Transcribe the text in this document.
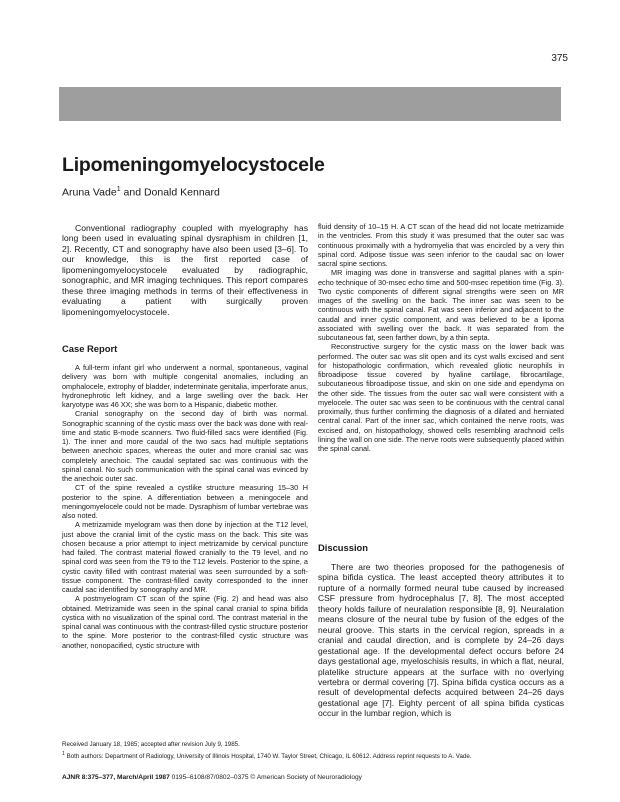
375
Lipomeningomyelocystocele
Aruna Vade$^1$ and Donald Kennard

Conventional radiography coupled with myelography has long been used in evaluating spinal dysraphism in children [1, 2]. Recently, CT and sonography have also been used [3–6]. To our knowledge, this is the first reported case of lipomeningomyelocystocele evaluated by radiographic, sonographic, and MR imaging techniques. This report compares these three imaging methods in terms of their effectiveness in evaluating a patient with surgically proven lipomeningomyelocystocele.

Case Report

A full-term infant girl who underwent a normal, spontaneous, vaginal delivery was born with multiple congenital anomalies, including an omphalocele, extrophy of bladder, indeterminate genitalia, imperforate anus, hydronephrotic left kidney, and a large swelling over the back. Her karyotype was 46 XX; she was born to a Hispanic, diabetic mother.

Cranial sonography on the second day of birth was normal. Sonographic scanning of the cystic mass over the back was done with real-time and static B-mode scanners. Two fluid-filled sacs were identified (Fig. 1). The inner and more caudal of the two sacs had multiple septations between anechoic spaces, whereas the outer and more cranial sac was completely anechoic. The caudal septated sac was continuous with the spinal canal. No such communication with the spinal canal was evinced by the anechoic outer sac.

CT of the spine revealed a cystlike structure measuring 15–30 H posterior to the spine. A differentiation between a meningocele and meningomyelocele could not be made. Dysraphism of lumbar vertebrae was also noted.

A metrizamide myelogram was then done by injection at the T12 level, just above the cranial limit of the cystic mass on the back. This site was chosen because a prior attempt to inject metrizamide by cervical puncture had failed. The contrast material flowed cranially to the T9 level, and no spinal cord was seen from the T9 to the T12 levels. Posterior to the spine, a cystic cavity filled with contrast material was seen surrounded by a soft-tissue component. The contrast-filled cavity corresponded to the inner caudal sac identified by sonography and MR.

A postmyelogram CT scan of the spine (Fig. 2) and head was also obtained. Metrizamide was seen in the spinal canal cranial to spina bifida cystica with no visualization of the spinal cord. The contrast material in the spinal canal was continuous with the contrast-filled cystic structure posterior to the spine. More posterior to the contrast-filled cystic structure was another, nonopacified, cystic structure with

fluid density of 10–15 H. A CT scan of the head did not locate metrizamide in the ventricles. From this study it was presumed that the outer sac was continuous proximally with a hydromyelia that was encircled by a very thin spinal cord. Adipose tissue was seen inferior to the caudal sac on lower sacral spine sections.

MR imaging was done in transverse and sagittal planes with a spin-echo technique of 30-msec echo time and 500-msec repetition time (Fig. 3). Two cystic components of different signal strengths were seen on MR images of the swelling on the back. The inner sac was seen to be continuous with the spinal canal. Fat was seen inferior and adjacent to the caudal and inner cystic component, and was believed to be a lipoma associated with swelling over the back. It was separated from the subcutaneous fat, seen farther down, by a thin septa.

Reconstructive surgery for the cystic mass on the lower back was performed. The outer sac was slit open and its cyst walls excised and sent for histopathologic confirmation, which revealed gliotic neurophils in fibroadipose tissue covered by hyaline cartilage, fibrocartilage, subcutaneous fibroadipose tissue, and skin on one side and ependyma on the other side. The tissues from the outer sac wall were consistent with a myelocele. The outer sac was seen to be continuous with the central canal proximally, thus further confirming the diagnosis of a dilated and herniated central canal. Part of the inner sac, which contained the nerve roots, was excised and, on histopathology, showed cells resembling arachnoid cells lining the wall on one side. The nerve roots were subsequently placed within the spinal canal.

Discussion

There are two theories proposed for the pathogenesis of spina bifida cystica. The least accepted theory attributes it to rupture of a normally formed neural tube caused by increased CSF pressure from hydrocephalus [7, 8]. The most accepted theory holds failure of neuralation responsible [8, 9]. Neuralation means closure of the neural tube by fusion of the edges of the neural groove. This starts in the cervical region, spreads in a cranial and caudal direction, and is complete by 24–26 days gestational age. If the developmental defect occurs before 24 days gestational age, myeloschisis results, in which a flat, neural, platelike structure appears at the surface with no overlying vertebra or dermal covering [7]. Spina bifida cystica occurs as a result of developmental defects acquired between 24–26 days gestational age [7]. Eighty percent of all spina bifida cysticas occur in the lumbar region, which is

Received January 18, 1985; accepted after revision July 9, 1985.
$^1$ Both authors: Department of Radiology, University of Illinois Hospital, 1740 W. Taylor Street, Chicago, IL 60612. Address reprint requests to A. Vade.
AJNR 8:375–377, March/April 1987 0195–6108/87/0802–0375 © American Society of Neuroradiology
